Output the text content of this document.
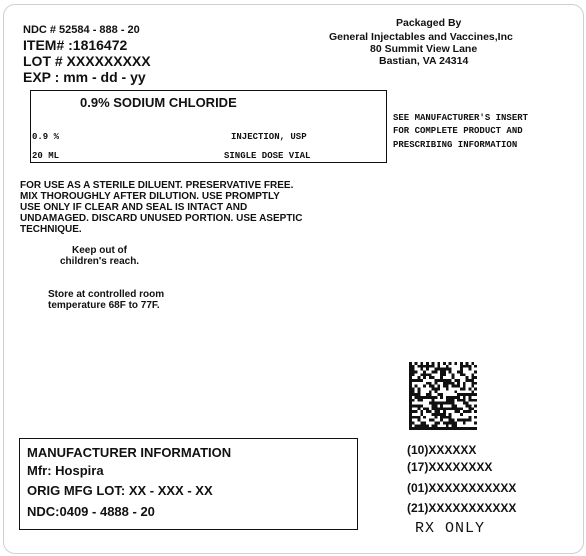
NDC # 52584 - 888 - 20
ITEM# :1816472
LOT # XXXXXXXXX
EXP : mm - dd - yy
Packaged By
General Injectables and Vaccines,Inc
80 Summit View Lane
Bastian, VA 24314
0.9% SODIUM CHLORIDE
0.9 %	INJECTION, USP
20 ML	SINGLE DOSE VIAL
SEE MANUFACTURER'S INSERT
FOR COMPLETE PRODUCT AND
PRESCRIBING INFORMATION
FOR USE AS A STERILE DILUENT. PRESERVATIVE FREE.
MIX THOROUGHLY AFTER DILUTION. USE PROMPTLY
USE ONLY IF CLEAR AND SEAL IS INTACT AND
UNDAMAGED. DISCARD UNUSED PORTION. USE ASEPTIC
TECHNIQUE.
Keep out of
children's reach.
Store at controlled room
temperature 68F to 77F.
MANUFACTURER INFORMATION
Mfr: Hospira
ORIG MFG LOT: XX - XXX - XX
NDC:0409 - 4888 - 20
(10)XXXXXX
(17)XXXXXXXX
(01)XXXXXXXXXXX
(21)XXXXXXXXXXX
RX ONLY
